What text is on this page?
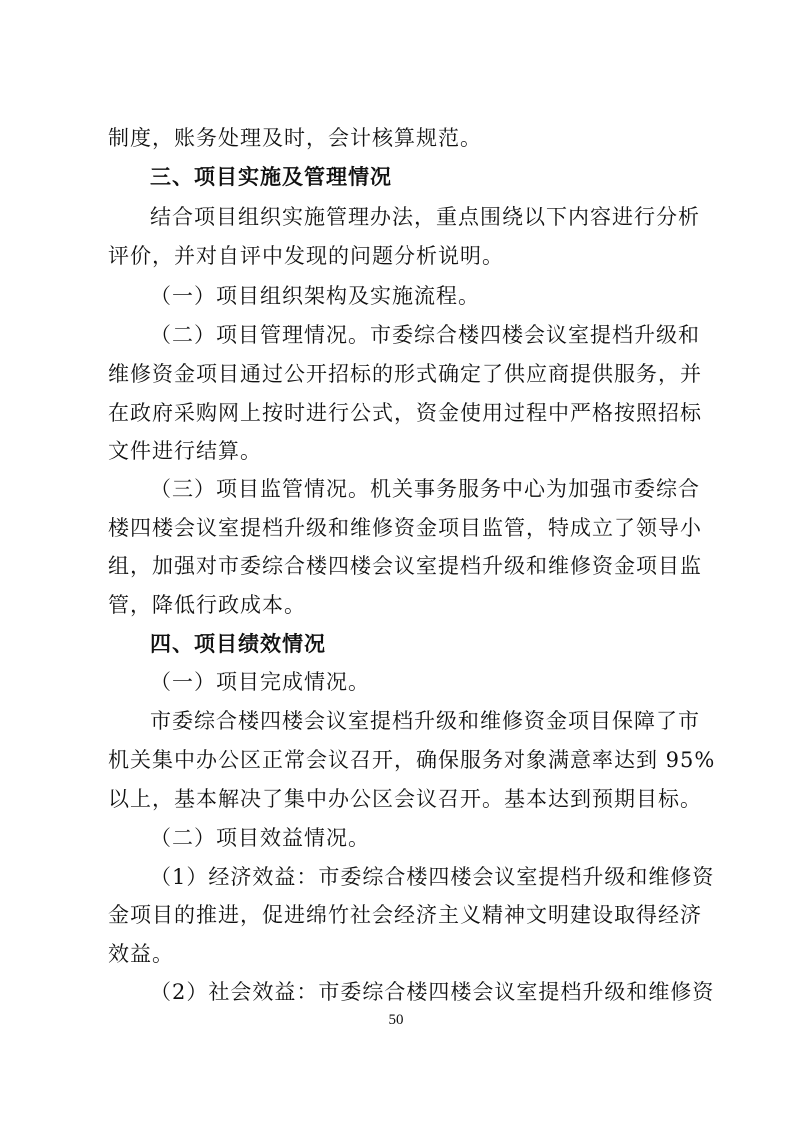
制度，账务处理及时，会计核算规范。
三、项目实施及管理情况
结合项目组织实施管理办法，重点围绕以下内容进行分析
评价，并对自评中发现的问题分析说明。
（一）项目组织架构及实施流程。
（二）项目管理情况。市委综合楼四楼会议室提档升级和
维修资金项目通过公开招标的形式确定了供应商提供服务，并
在政府采购网上按时进行公式，资金使用过程中严格按照招标
文件进行结算。
（三）项目监管情况。机关事务服务中心为加强市委综合
楼四楼会议室提档升级和维修资金项目监管，特成立了领导小
组，加强对市委综合楼四楼会议室提档升级和维修资金项目监
管，降低行政成本。
四、项目绩效情况
（一）项目完成情况。
市委综合楼四楼会议室提档升级和维修资金项目保障了市
机关集中办公区正常会议召开，确保服务对象满意率达到 95%
以上，基本解决了集中办公区会议召开。基本达到预期目标。
（二）项目效益情况。
（1）经济效益：市委综合楼四楼会议室提档升级和维修资
金项目的推进，促进绵竹社会经济主义精神文明建设取得经济
效益。
（2）社会效益：市委综合楼四楼会议室提档升级和维修资
50
